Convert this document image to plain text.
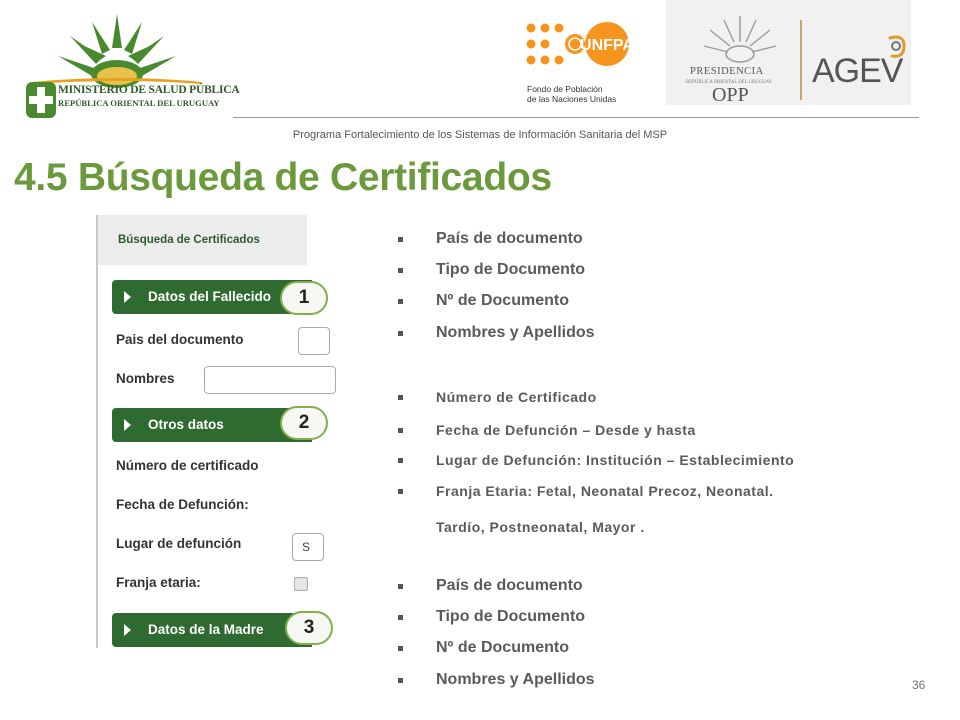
MINISTERIO DE SALUD PÚBLICA
REPÚBLICA ORIENTAL DEL URUGUAY
UNFPA
Fondo de Población
de las Naciones Unidas
PRESIDENCIA
REPÚBLICA ORIENTAL DEL URUGUAY
OPP
AGEV
Programa Fortalecimiento de los Sistemas de Información Sanitaria del MSP
4.5 Búsqueda de Certificados
Búsqueda de Certificados
Datos del Fallecido
Pais del documento
Nombres
Otros datos
Número de certificado
Fecha de Defunción:
Lugar de defunción	S
Franja etaria:
Datos de la Madre
1
2
3
País de documento
Tipo de Documento
Nº de Documento
Nombres y Apellidos
Número de Certificado
Fecha de Defunción – Desde y hasta
Lugar de Defunción: Institución – Establecimiento
Franja Etaria: Fetal, Neonatal Precoz, Neonatal.
Tardío, Postneonatal, Mayor .
País de documento
Tipo de Documento
Nº de Documento
Nombres y Apellidos	36
